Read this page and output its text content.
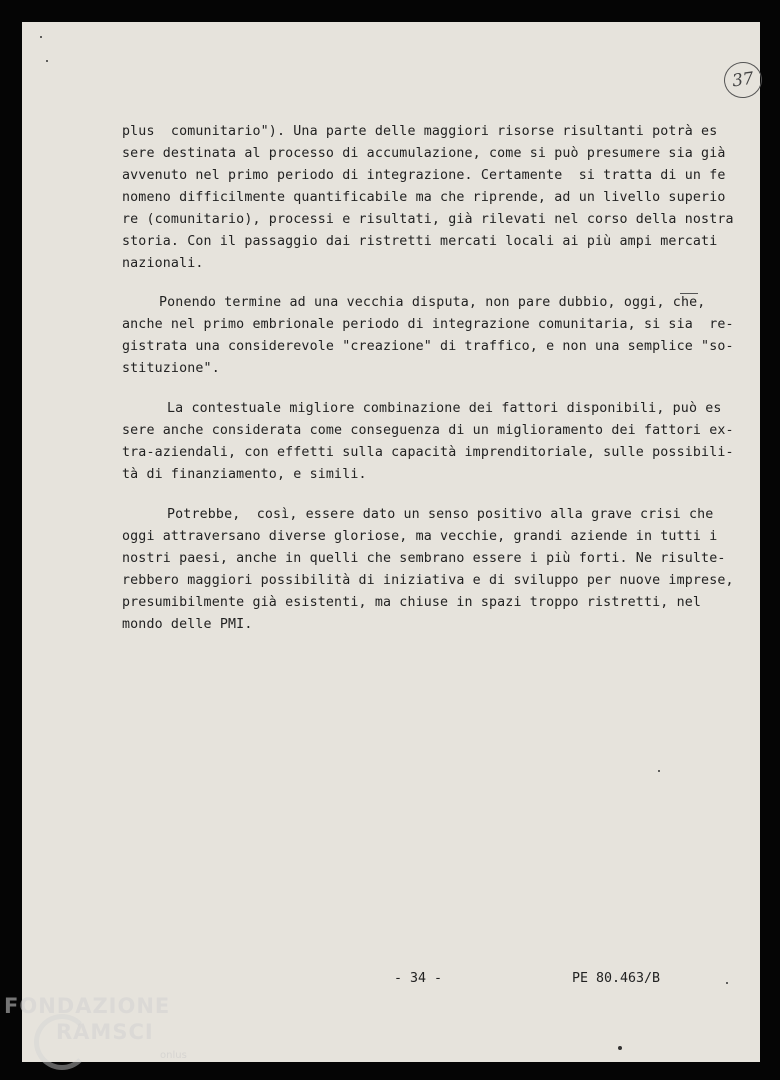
37
plus  comunitario"). Una parte delle maggiori risorse risultanti potrà es
sere destinata al processo di accumulazione, come si può presumere sia già
avvenuto nel primo periodo di integrazione. Certamente  si tratta di un fe
nomeno difficilmente quantificabile ma che riprende, ad un livello superio
re (comunitario), processi e risultati, già rilevati nel corso della nostra
storia. Con il passaggio dai ristretti mercati locali ai più ampi mercati
nazionali.
Ponendo termine ad una vecchia disputa, non pare dubbio, oggi, che,
anche nel primo embrionale periodo di integrazione comunitaria, si sia  re-
gistrata una considerevole "creazione" di traffico, e non una semplice "so-
stituzione".
La contestuale migliore combinazione dei fattori disponibili, può es
sere anche considerata come conseguenza di un miglioramento dei fattori ex-
tra-aziendali, con effetti sulla capacità imprenditoriale, sulle possibili-
tà di finanziamento, e simili.
Potrebbe,  così, essere dato un senso positivo alla grave crisi che
oggi attraversano diverse gloriose, ma vecchie, grandi aziende in tutti i
nostri paesi, anche in quelli che sembrano essere i più forti. Ne risulte-
rebbero maggiori possibilità di iniziativa e di sviluppo per nuove imprese,
presumibilmente già esistenti, ma chiuse in spazi troppo ristretti, nel
mondo delle PMI.
- 34 -	PE 80.463/B
FONDAZIONE
RAMSCI
onlus
